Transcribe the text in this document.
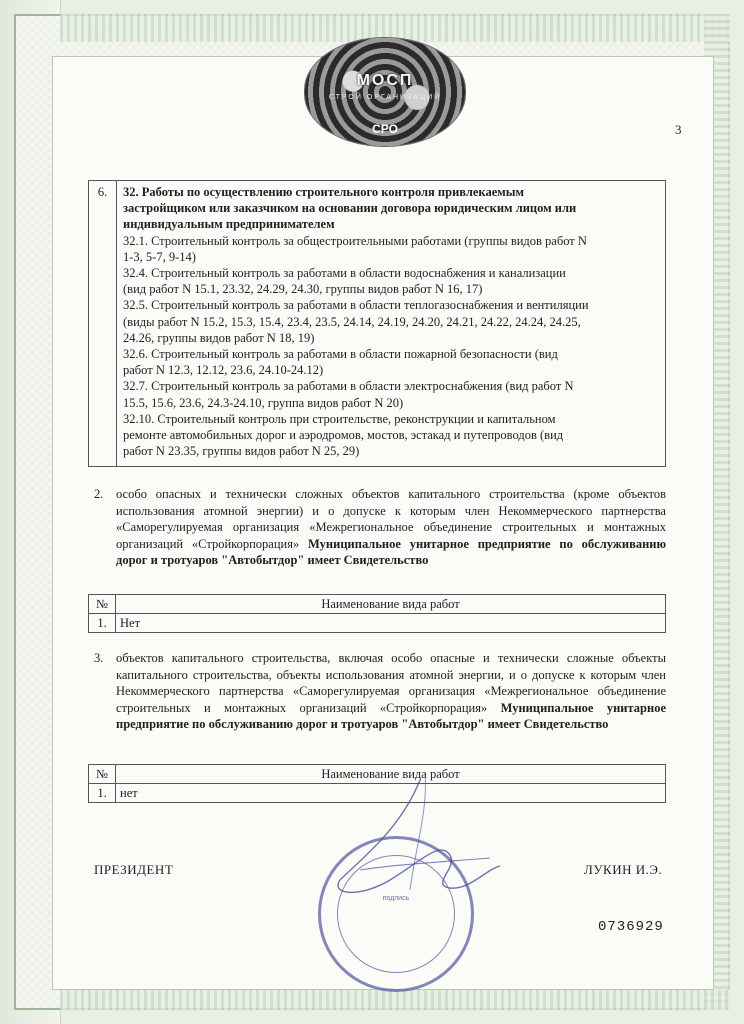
МОСП
СТРОЙ ОРГАНИЗАЦИЙ
СРО	3
6.	32. Работы по осуществлению строительного контроля привлекаемым

застройщиком или заказчиком на основании договора юридическим лицом или

индивидуальным предпринимателем

32.1. Строительный контроль за общестроительными работами (группы видов работ N

1-3, 5-7, 9-14)

32.4. Строительный контроль за работами в области водоснабжения и канализации

(вид работ N 15.1, 23.32, 24.29, 24.30, группы видов работ N 16, 17)

32.5. Строительный контроль за работами в области теплогазоснабжения и вентиляции

(виды работ N 15.2, 15.3, 15.4, 23.4, 23.5, 24.14, 24.19, 24.20, 24.21, 24.22, 24.24, 24.25,

24.26, группы видов работ N 18, 19)

32.6. Строительный контроль за работами в области пожарной безопасности (вид

работ N 12.3, 12.12, 23.6, 24.10-24.12)

32.7. Строительный контроль за работами в области электроснабжения (вид работ N

15.5, 15.6, 23.6, 24.3-24.10, группа видов работ N 20)

32.10. Строительный контроль при строительстве, реконструкции и капитальном

ремонте автомобильных дорог и аэродромов, мостов, эстакад и путепроводов (вид

работ N 23.35, группы видов работ N 25, 29)

2. особо опасных и технически сложных объектов капитального строительства (кроме объектов использования атомной энергии) и о допуске к которым член Некоммерческого партнерства «Саморегулируемая организация «Межрегиональное объединение строительных и монтажных организаций «Стройкорпорация» Муниципальное унитарное предприятие по обслуживанию дорог и тротуаров "Автобытдор" имеет Свидетельство
№	Наименование вида работ
1.	Нет
3. объектов капитального строительства, включая особо опасные и технически сложные объекты капитального строительства, объекты использования атомной энергии, и о допуске к которым член Некоммерческого партнерства «Саморегулируемая организация «Межрегиональное объединение строительных и монтажных организаций «Стройкорпорация» Муниципальное унитарное предприятие по обслуживанию дорог и тротуаров "Автобытдор" имеет Свидетельство
№	Наименование вида работ
1.	нет
подпись
ПРЕЗИДЕНТ	ЛУКИН И.Э.
0736929
